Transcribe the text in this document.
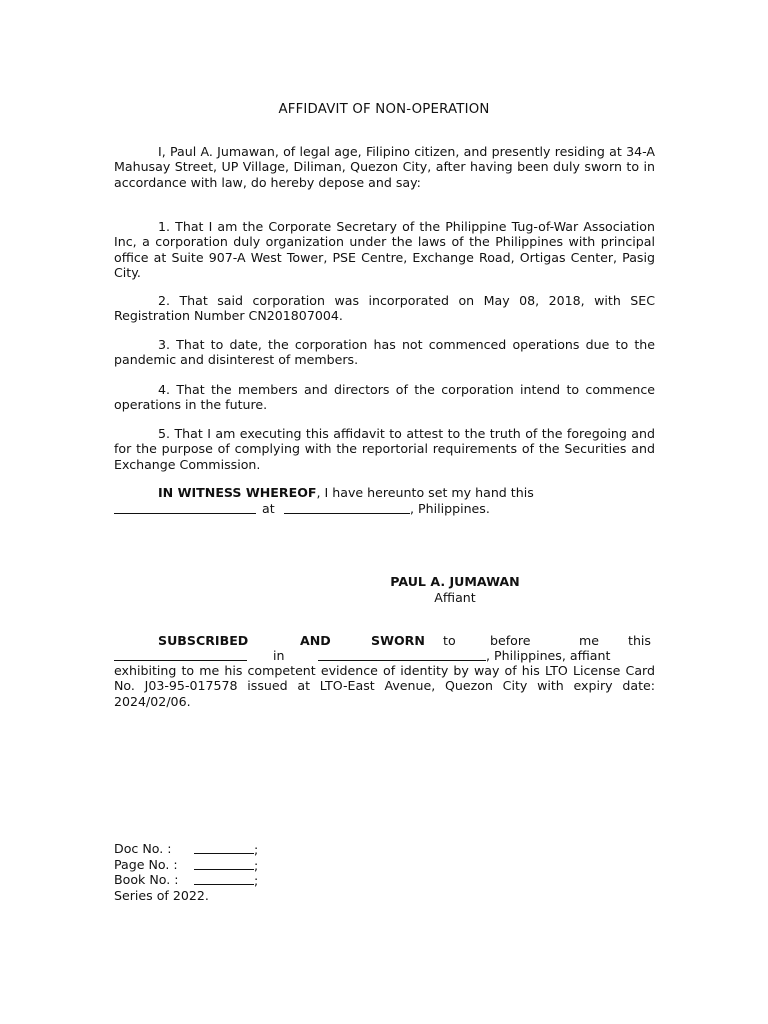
AFFIDAVIT OF NON-OPERATION
I, Paul A. Jumawan, of legal age, Filipino citizen, and presently residing at 34-A Mahusay Street, UP Village, Diliman, Quezon City, after having been duly sworn to in accordance with law, do hereby depose and say:
1. That I am the Corporate Secretary of the Philippine Tug-of-War Association Inc, a corporation duly organization under the laws of the Philippines with principal office at Suite 907-A West Tower, PSE Centre, Exchange Road, Ortigas Center, Pasig City.
2. That said corporation was incorporated on May 08, 2018, with SEC Registration Number CN201807004.
3. That to date, the corporation has not commenced operations due to the pandemic and disinterest of members.
4. That the members and directors of the corporation intend to commence operations in the future.
5. That I am executing this affidavit to attest to the truth of the foregoing and for the purpose of complying with the reportorial requirements of the Securities and Exchange Commission.
IN WITNESS WHEREOF, I have hereunto set my hand this
at	, Philippines.
PAUL A. JUMAWAN
Affiant
SUBSCRIBED	AND	SWORN to	before	me this
in	, Philippines, affiant
exhibiting to me his competent evidence of identity by way of his LTO License Card No. J03-95-017578 issued at LTO-East Avenue, Quezon City with expiry date: 2024/02/06.
Doc No. :	;
Page No. :	;
Book No. :	;
Series of 2022.
